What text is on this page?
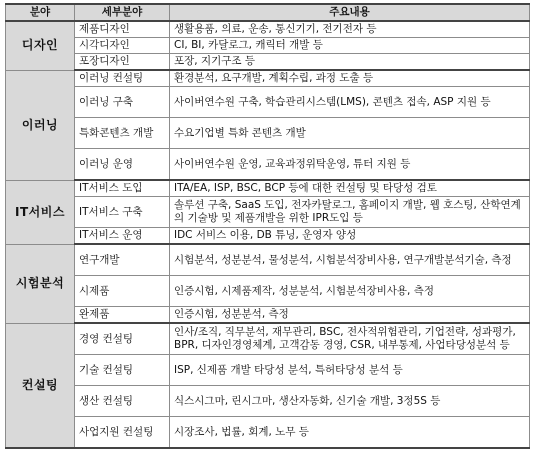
분야	세부분야	주요내용
디자인	제품디자인	생활용품, 의료, 운송, 통신기기, 전기전자 등
	시각디자인	CI, BI, 카달로그, 캐릭터 개발 등
	포장디자인	포장, 지기구조 등
이러닝	이러닝 컨설팅	환경분석, 요구개발, 계획수립, 과정 도출 등
	이러닝 구축	사이버연수원 구축, 학습관리시스템(LMS), 콘텐츠 접속, ASP 지원 등
	특화콘텐츠 개발	수요기업별 특화 콘텐츠 개발
	이러닝 운영	사이버연수원 운영, 교육과정위탁운영, 튜터 지원 등
IT서비스	IT서비스 도입	ITA/EA, ISP, BSC, BCP 등에 대한 컨설팅 및 타당성 검토
	IT서비스 구축	솔루션 구축, SaaS 도입, 전자카탈로그, 홈페이지 개발, 웹 호스팅, 산학연계의 기술방 및 제품개발을 위한 IPR도입 등
	IT서비스 운영	IDC 서비스 이용, DB 튜닝, 운영자 양성
시험분석	연구개발	시험분석, 성분분석, 물성분석, 시험분석장비사용, 연구개발분석기술, 측정
	시제품	인증시험, 시제품제작, 성분분석, 시험분석장비사용, 측정
	완제품	인증시험, 성분분석, 측정
컨설팅	경영 컨설팅	인사/조직, 직무분석, 재무관리, BSC, 전사적위험관리, 기업전략, 성과평가, BPR, 디자인경영체계, 고객감동 경영, CSR, 내부통제, 사업타당성분석 등
	기술 컨설팅	ISP, 신제품 개발 타당성 분석, 특허타당성 분석 등
	생산 컨설팅	식스시그마, 린시그마, 생산자동화, 신기술 개발, 3정5S 등
	사업지원 컨설팅	시장조사, 법률, 회계, 노무 등
